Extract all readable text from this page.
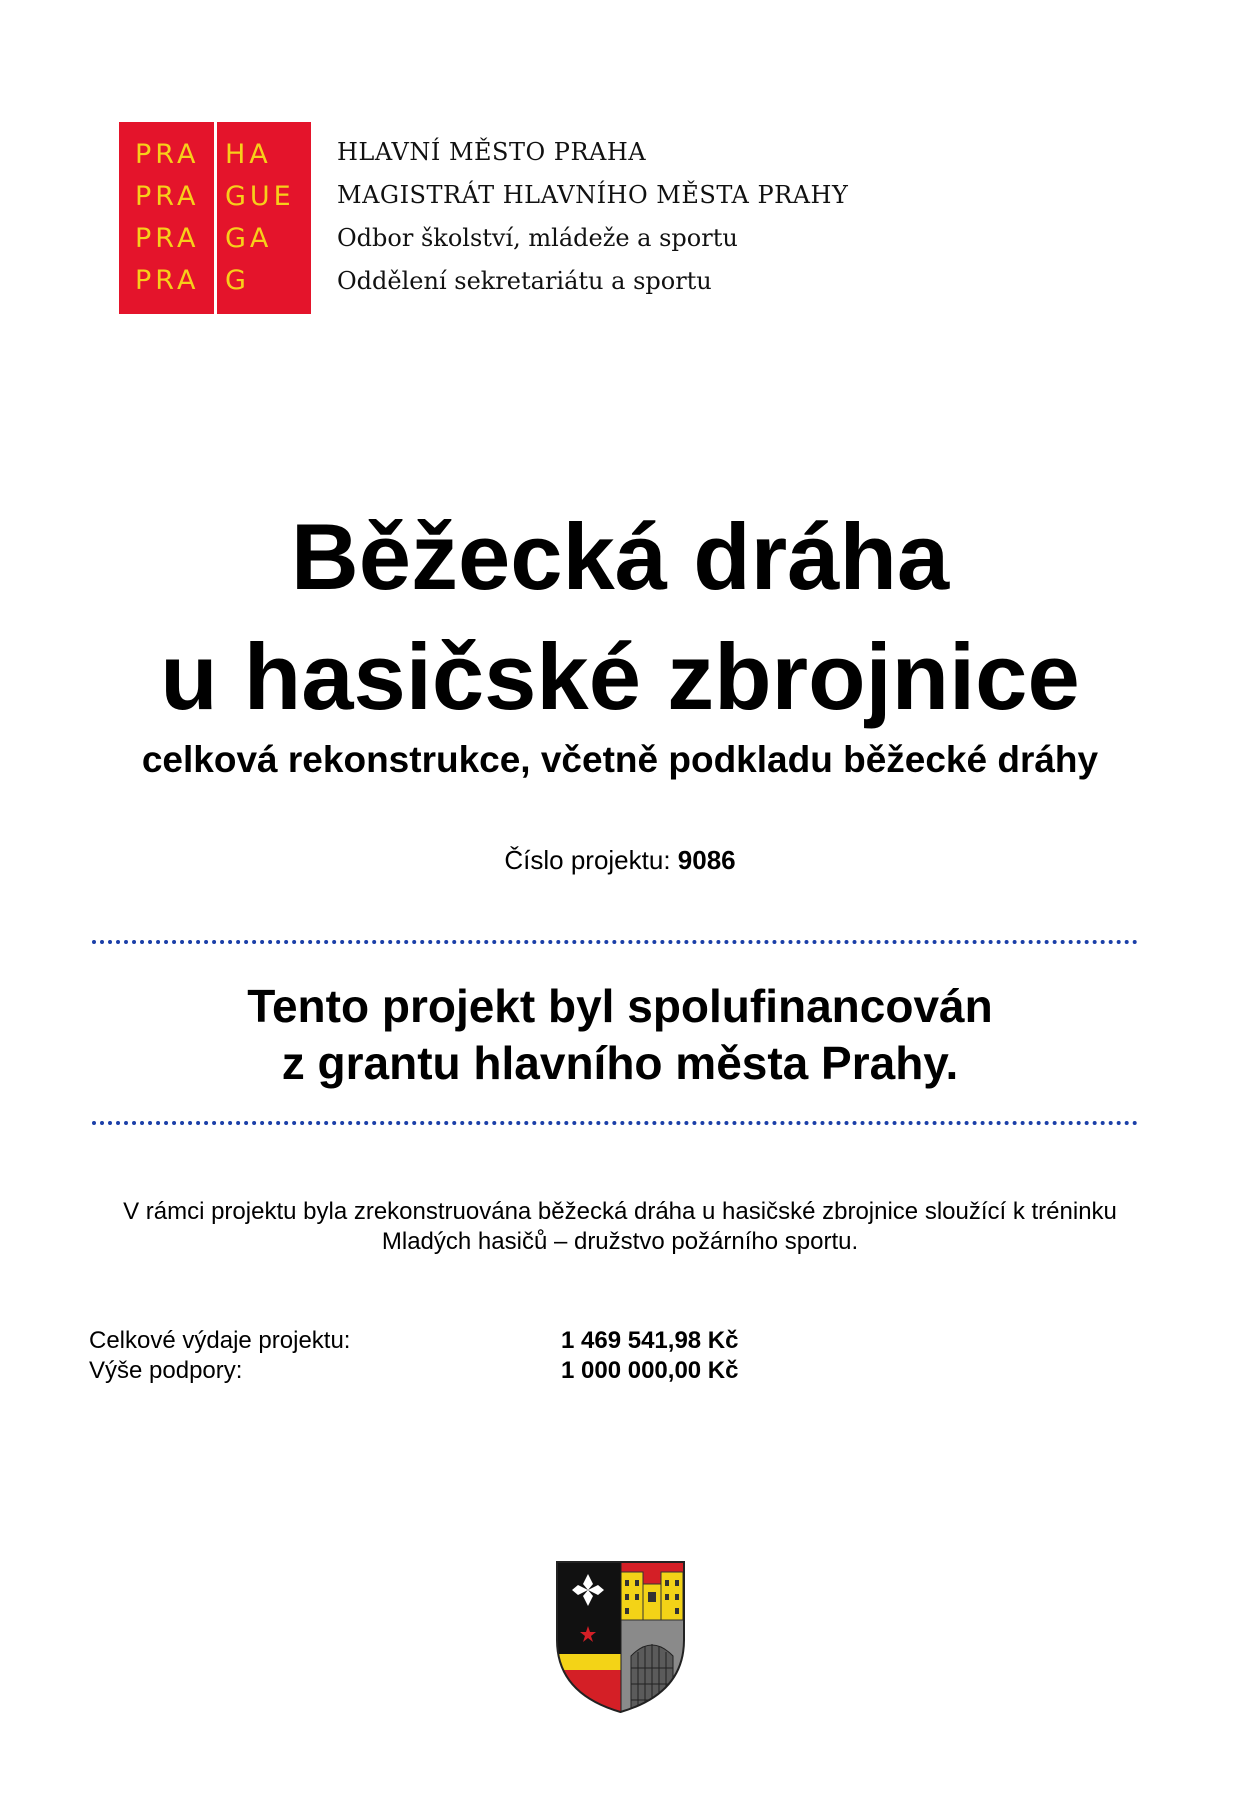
PRA
PRA
PRA
PRA
HA
GUE
GA
G
HLAVNÍ MĚSTO PRAHA
MAGISTRÁT HLAVNÍHO MĚSTA PRAHY
Odbor školství, mládeže a sportu
Oddělení sekretariátu a sportu
Běžecká dráha
u hasičské zbrojnice
celková rekonstrukce, včetně podkladu běžecké dráhy
Číslo projektu: 9086
Tento projekt byl spolufinancován
z grantu hlavního města Prahy.
V rámci projektu byla zrekonstruována běžecká dráha u hasičské zbrojnice sloužící k tréninku
Mladých hasičů – družstvo požárního sportu.
Celkové výdaje projektu:	1 469 541,98 Kč
Výše podpory:	1 000 000,00 Kč
